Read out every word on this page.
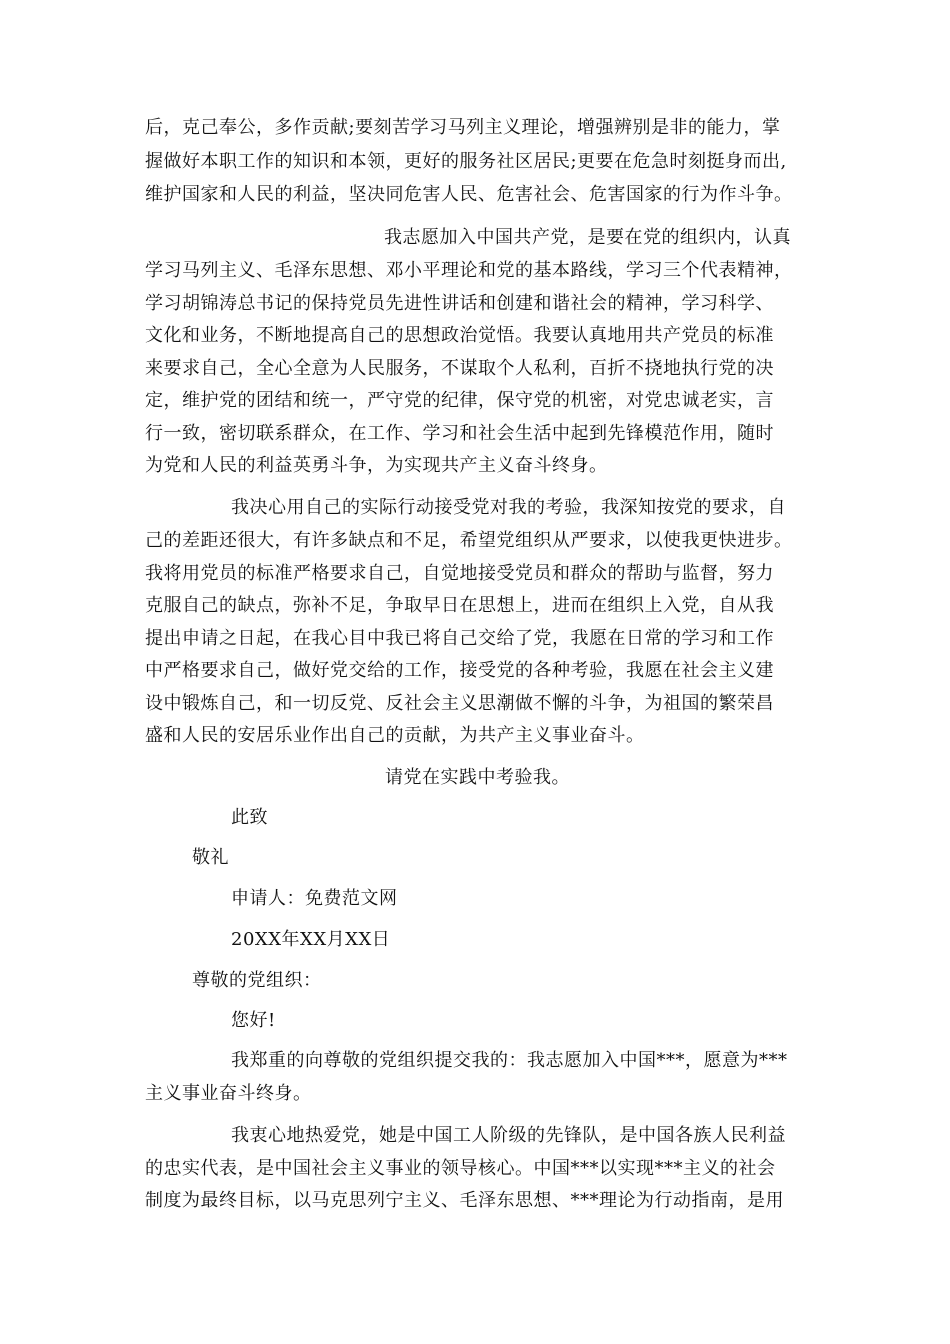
后，克己奉公，多作贡献;要刻苦学习马列主义理论，增强辨别是非的能力，掌
握做好本职工作的知识和本领，更好的服务社区居民;更要在危急时刻挺身而出,
维护国家和人民的利益，坚决同危害人民、危害社会、危害国家的行为作斗争。
我志愿加入中国共产党，是要在党的组织内，认真
学习马列主义、毛泽东思想、邓小平理论和党的基本路线，学习三个代表精神，
学习胡锦涛总书记的保持党员先进性讲话和创建和谐社会的精神，学习科学、
文化和业务，不断地提高自己的思想政治觉悟。我要认真地用共产党员的标准
来要求自己，全心全意为人民服务，不谋取个人私利，百折不挠地执行党的决
定，维护党的团结和统一，严守党的纪律，保守党的机密，对党忠诚老实，言
行一致，密切联系群众，在工作、学习和社会生活中起到先锋模范作用，随时
为党和人民的利益英勇斗争，为实现共产主义奋斗终身。
我决心用自己的实际行动接受党对我的考验，我深知按党的要求，自
己的差距还很大，有许多缺点和不足，希望党组织从严要求，以使我更快进步。
我将用党员的标准严格要求自己，自觉地接受党员和群众的帮助与监督，努力
克服自己的缺点，弥补不足，争取早日在思想上，进而在组织上入党，自从我
提出申请之日起，在我心目中我已将自己交给了党，我愿在日常的学习和工作
中严格要求自己，做好党交给的工作，接受党的各种考验，我愿在社会主义建
设中锻炼自己，和一切反党、反社会主义思潮做不懈的斗争，为祖国的繁荣昌
盛和人民的安居乐业作出自己的贡献，为共产主义事业奋斗。
请党在实践中考验我。
此致
敬礼
申请人：免费范文网
20XX年XX月XX日
尊敬的党组织：
您好!
我郑重的向尊敬的党组织提交我的：我志愿加入中国***，愿意为***
主义事业奋斗终身。
我衷心地热爱党，她是中国工人阶级的先锋队，是中国各族人民利益
的忠实代表，是中国社会主义事业的领导核心。中国***以实现***主义的社会
制度为最终目标，以马克思列宁主义、毛泽东思想、***理论为行动指南，是用
